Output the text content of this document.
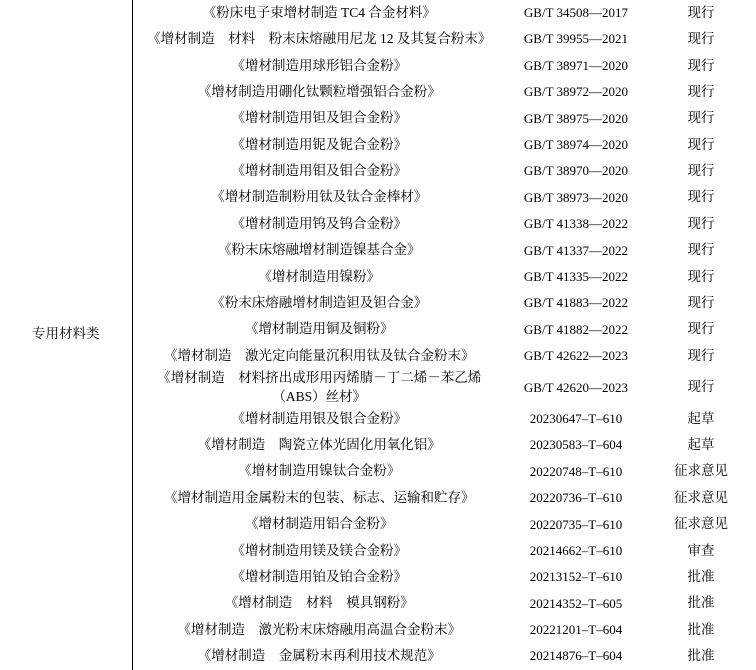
专用材料类	《粉床电子束增材制造 TC4 合金材料》	GB/T 34508—2017	现行

	《增材制造　材料　粉末床熔融用尼龙 12 及其复合粉末》	GB/T 39955—2021	现行

	《增材制造用球形铝合金粉》	GB/T 38971—2020	现行

	《增材制造用硼化钛颗粒增强铝合金粉》	GB/T 38972—2020	现行

	《增材制造用钽及钽合金粉》	GB/T 38975—2020	现行

	《增材制造用铌及铌合金粉》	GB/T 38974—2020	现行

	《增材制造用钼及钼合金粉》	GB/T 38970—2020	现行

	《增材制造制粉用钛及钛合金棒材》	GB/T 38973—2020	现行

	《增材制造用钨及钨合金粉》	GB/T 41338—2022	现行

	《粉末床熔融增材制造镍基合金》	GB/T 41337—2022	现行

	《增材制造用镍粉》	GB/T 41335—2022	现行

	《粉末床熔融增材制造钽及钽合金》	GB/T 41883—2022	现行

	《增材制造用铜及铜粉》	GB/T 41882—2022	现行

	《增材制造　激光定向能量沉积用钛及钛合金粉末》	GB/T 42622—2023	现行

	《增材制造　材料挤出成形用丙烯腈－丁二烯－苯乙烯
（ABS）丝材》	GB/T 42620—2023	现行

	《增材制造用银及银合金粉》	20230647–T–610	起草

	《增材制造　陶瓷立体光固化用氧化铝》	20230583–T–604	起草

	《增材制造用镍钛合金粉》	20220748–T–610	征求意见

	《增材制造用金属粉末的包装、标志、运输和贮存》	20220736–T–610	征求意见

	《增材制造用铝合金粉》	20220735–T–610	征求意见

	《增材制造用镁及镁合金粉》	20214662–T–610	审查

	《增材制造用铂及铂合金粉》	20213152–T–610	批准

	《增材制造　材料　模具钢粉》	20214352–T–605	批准

	《增材制造　激光粉末床熔融用高温合金粉末》	20221201–T–604	批准

	《增材制造　金属粉末再利用技术规范》	20214876–T–604	批准
